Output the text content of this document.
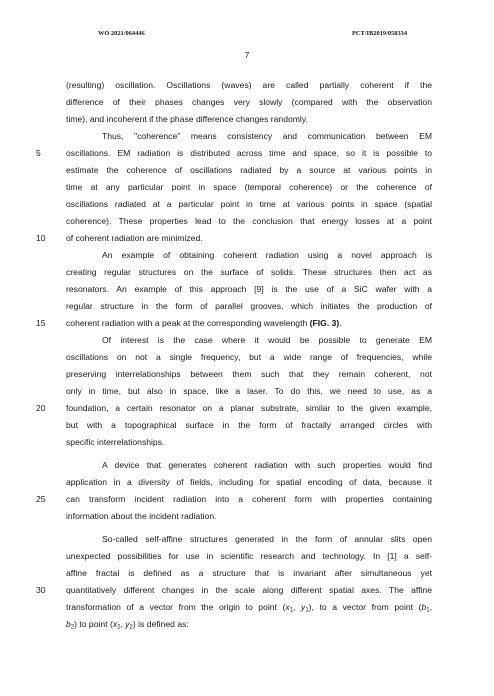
WO 2021/064446	PCT/IB2019/058334
7
(resulting) oscillation. Oscillations (waves) are called partially coherent if the
difference of their phases changes very slowly (compared with the observation
time), and incoherent if the phase difference changes randomly.
Thus, "coherence" means consistency and communication between EM
5	oscillations. EM radiation is distributed across time and space, so it is possible to
estimate the coherence of oscillations radiated by a source at various points in
time at any particular point in space (temporal coherence) or the coherence of
oscillations radiated at a particular point in time at various points in space (spatial
coherence). These properties lead to the conclusion that energy losses at a point
10	of coherent radiation are minimized.
An example of obtaining coherent radiation using a novel approach is
creating regular structures on the surface of solids. These structures then act as
resonators. An example of this approach [9] is the use of a SiC wafer with a
regular structure in the form of parallel grooves, which initiates the production of
15	coherent radiation with a peak at the corresponding wavelength (FIG. 3).
Of interest is the case where it would be possible to generate EM
oscillations on not a single frequency, but a wide range of frequencies, while
preserving interrelationships between them such that they remain coherent, not
only in time, but also in space, like a laser. To do this, we need to use, as a
20	foundation, a certain resonator on a planar substrate, similar to the given example,
but with a topographical surface in the form of fractally arranged circles with
specific interrelationships.
A device that generates coherent radiation with such properties would find
application in a diversity of fields, including for spatial encoding of data, because it
25	can transform incident radiation into a coherent form with properties containing
information about the incident radiation.
So-called self-affine structures generated in the form of annular slits open
unexpected possibilities for use in scientific research and technology. In [1] a self-
affine fractal is defined as a structure that is invariant after simultaneous yet
30	quantitatively different changes in the scale along different spatial axes. The affine
transformation of a vector from the origin to point ($x_1$, $y_1$), to a vector from point ($b_1$,
$b_2$) to point ($x_2$, $y_2$) is defined as:
